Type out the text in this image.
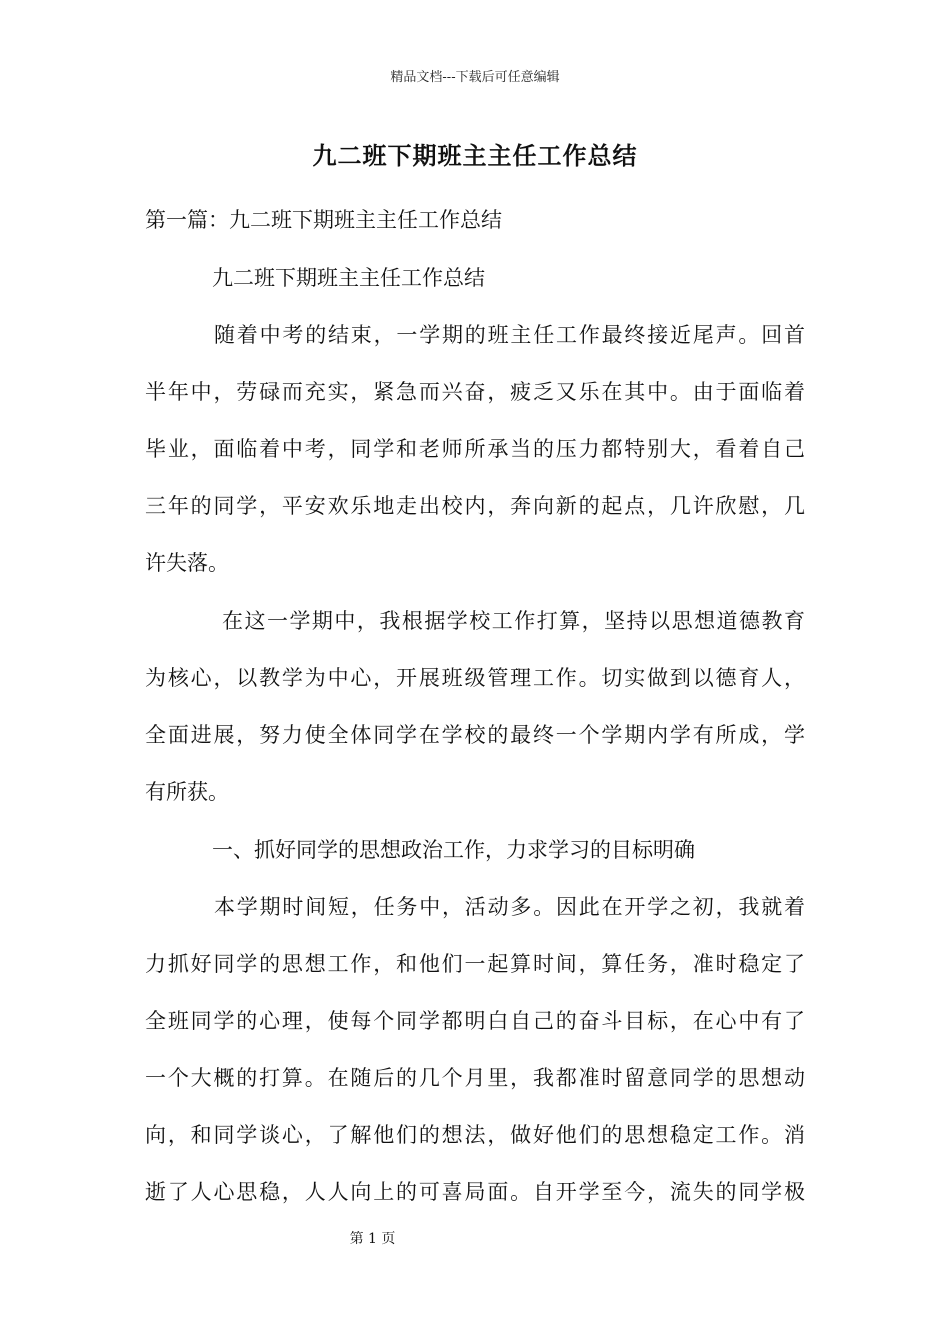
精品文档---下载后可任意编辑
九二班下期班主主任工作总结
第一篇：九二班下期班主主任工作总结
九二班下期班主主任工作总结
随着中考的结束，一学期的班主任工作最终接近尾声。回首
半年中，劳碌而充实，紧急而兴奋，疲乏又乐在其中。由于面临着
毕业，面临着中考，同学和老师所承当的压力都特别大，看着自己
三年的同学，平安欢乐地走出校内，奔向新的起点，几许欣慰，几
许失落。
在这一学期中，我根据学校工作打算，坚持以思想道德教育
为核心，以教学为中心，开展班级管理工作。切实做到以德育人，
全面进展，努力使全体同学在学校的最终一个学期内学有所成，学
有所获。
一、抓好同学的思想政治工作，力求学习的目标明确
本学期时间短，任务中，活动多。因此在开学之初，我就着
力抓好同学的思想工作，和他们一起算时间，算任务，准时稳定了
全班同学的心理，使每个同学都明白自己的奋斗目标，在心中有了
一个大概的打算。在随后的几个月里，我都准时留意同学的思想动
向，和同学谈心，了解他们的想法，做好他们的思想稳定工作。消
逝了人心思稳，人人向上的可喜局面。自开学至今，流失的同学极
第 1 页
